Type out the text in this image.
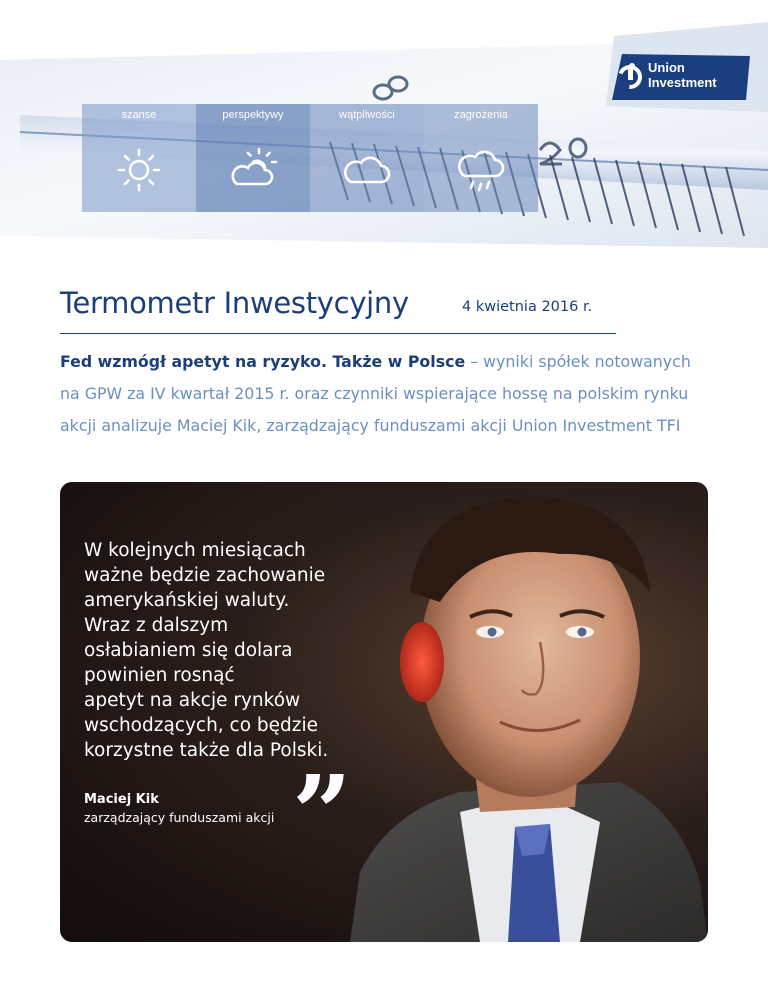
Union
Investment
szanse	perspektywy	wątpliwości	zagrożenia
Termometr Inwestycyjny	4 kwietnia 2016 r.

Fed wzmógł apetyt na ryzyko. Także w Polsce – wyniki spółek notowanych na GPW za IV kwartał 2015 r. oraz czynniki wspierające hossę na polskim rynku akcji analizuje Maciej Kik, zarządzający funduszami akcji Union Investment TFI

W kolejnych miesiącach
ważne będzie zachowanie
amerykańskiej waluty.
Wraz z dalszym
osłabianiem się dolara
powinien rosnąć
apetyt na akcje rynków
wschodzących, co będzie
korzystne także dla Polski.

Maciej Kik
zarządzający funduszami akcji ”
